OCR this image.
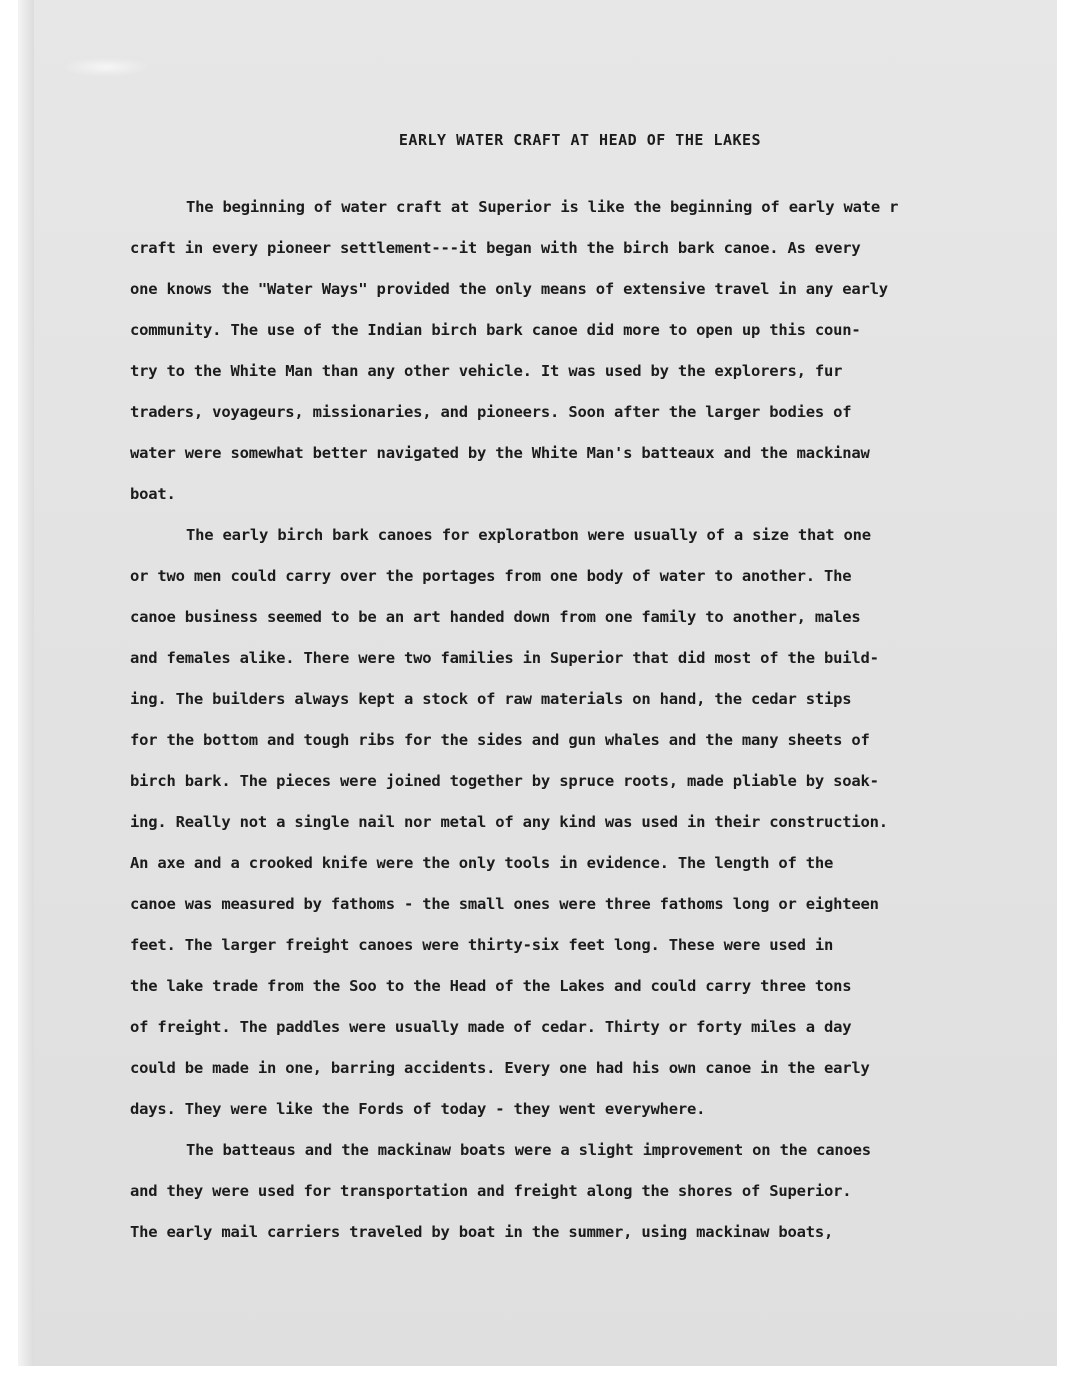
EARLY WATER CRAFT AT HEAD OF THE LAKES
The beginning of water craft at Superior is like the beginning of early wate r
craft in every pioneer settlement---it began with the birch bark canoe. As every
one knows the "Water Ways" provided the only means of extensive travel in any early
community. The use of the Indian birch bark canoe did more to open up this coun-
try to the White Man than any other vehicle. It was used by the explorers, fur
traders, voyageurs, missionaries, and pioneers. Soon after the larger bodies of
water were somewhat better navigated by the White Man's batteaux and the mackinaw
boat.
The early birch bark canoes for exploratbon were usually of a size that one
or two men could carry over the portages from one body of water to another. The
canoe business seemed to be an art handed down from one family to another, males
and females alike. There were two families in Superior that did most of the build-
ing. The builders always kept a stock of raw materials on hand, the cedar stips
for the bottom and tough ribs for the sides and gun whales and the many sheets of
birch bark. The pieces were joined together by spruce roots, made pliable by soak-
ing. Really not a single nail nor metal of any kind was used in their construction.
An axe and a crooked knife were the only tools in evidence. The length of the
canoe was measured by fathoms - the small ones were three fathoms long or eighteen
feet. The larger freight canoes were thirty-six feet long. These were used in
the lake trade from the Soo to the Head of the Lakes and could carry three tons
of freight. The paddles were usually made of cedar. Thirty or forty miles a day
could be made in one, barring accidents. Every one had his own canoe in the early
days. They were like the Fords of today - they went everywhere.
The batteaus and the mackinaw boats were a slight improvement on the canoes
and they were used for transportation and freight along the shores of Superior.
The early mail carriers traveled by boat in the summer, using mackinaw boats,
